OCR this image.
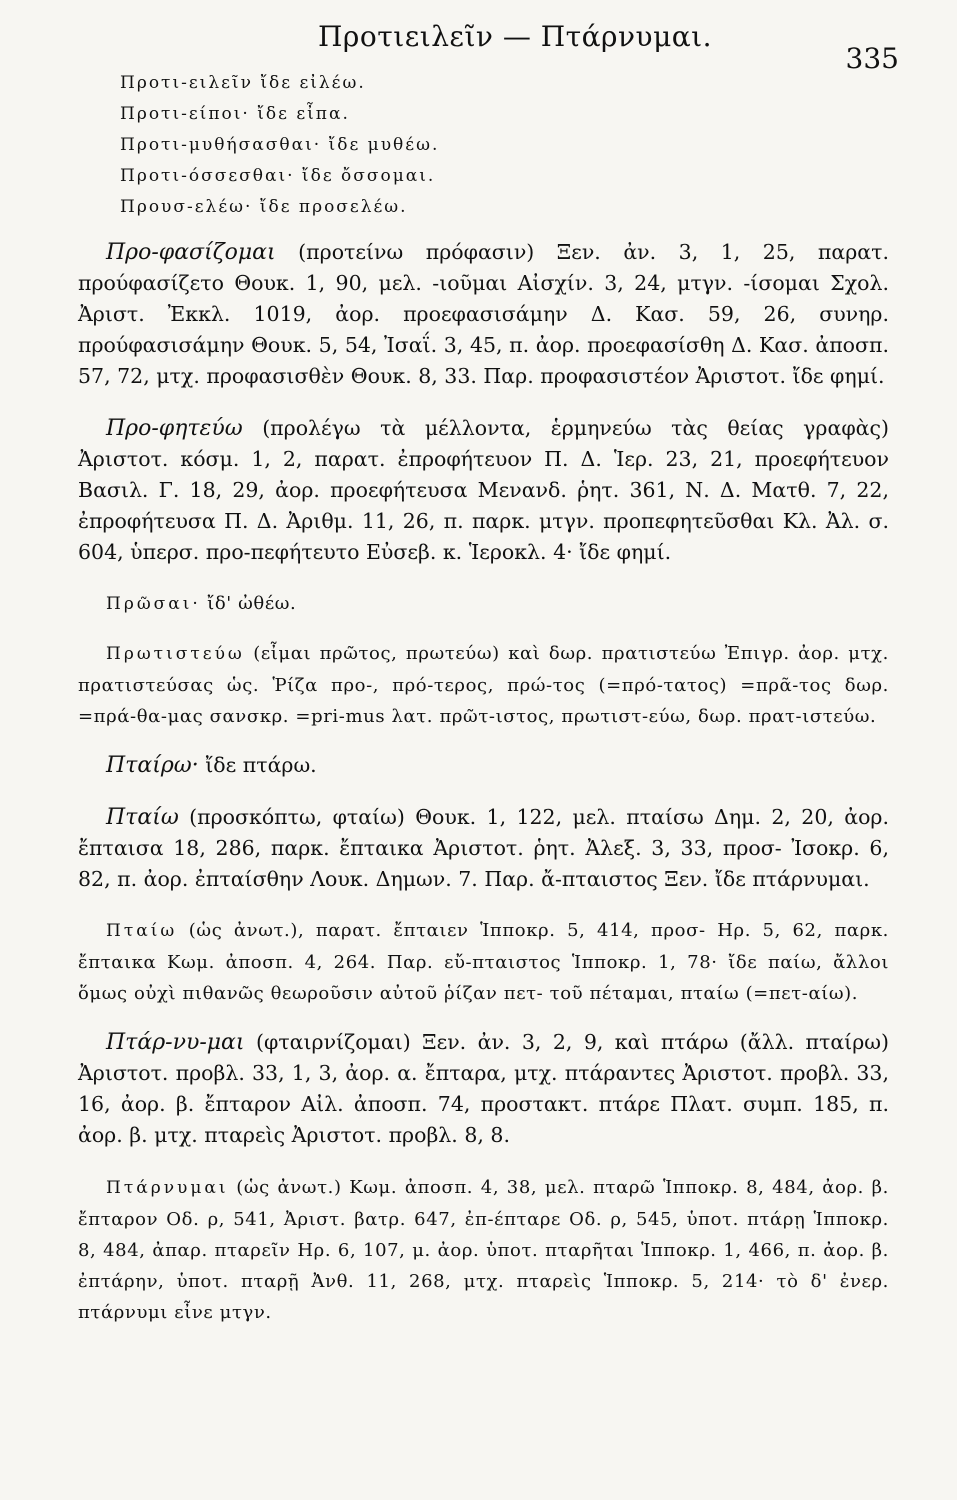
Προτιειλεῖν — Πτάρνυμαι.
335
Προτι-ειλεῖν ἴδε εἰλέω.
Προτι-είποι· ἴδε εἶπα.
Προτι-μυθήσασθαι· ἴδε μυθέω.
Προτι-όσσεσθαι· ἴδε ὄσσομαι.
Προυσ-ελέω· ἴδε προσελέω.

Προ-φασίζομαι (προτείνω πρόφασιν) Ξεν. ἀν. 3, 1, 25, παρατ. προύφασίζετο Θουκ. 1, 90, μελ. -ιοῦμαι Αἰσχίν. 3, 24, μτγν. -ίσομαι Σχολ. Ἀριστ. Ἐκκλ. 1019, ἀορ. προεφασισάμην Δ. Κασ. 59, 26, συνηρ. προύφασισάμην Θουκ. 5, 54, Ἰσαΐ. 3, 45, π. ἀορ. προεφασίσθη Δ. Κασ. ἀποσπ. 57, 72, μτχ. προφασισθὲν Θουκ. 8, 33. Παρ. προφασιστέον Ἀριστοτ. ἴδε φημί.

Προ-φητεύω (προλέγω τὰ μέλλοντα, ἑρμηνεύω τὰς θείας γραφὰς) Ἀριστοτ. κόσμ. 1, 2, παρατ. ἐπροφήτευον Π. Δ. Ἱερ. 23, 21, προεφήτευον Βασιλ. Γ. 18, 29, ἀορ. προεφήτευσα Μενανδ. ῥητ. 361, Ν. Δ. Ματθ. 7, 22, ἐπροφήτευσα Π. Δ. Ἀριθμ. 11, 26, π. παρκ. μτγν. προπεφητεῦσθαι Κλ. Ἀλ. σ. 604, ὑπερσ. προ-πεφήτευτο Εὐσεβ. κ. Ἱεροκλ. 4· ἴδε φημί.

Πρῶσαι· ἴδ' ὠθέω.

Πρωτιστεύω (εἶμαι πρῶτος, πρωτεύω) καὶ δωρ. πρατιστεύω Ἐπιγρ. ἀορ. μτχ. πρατιστεύσας ὡς. Ῥίζα προ-, πρό-τερος, πρώ-τος (=πρό-τατος) =πρᾶ-τος δωρ. =πρά-θα-μας σανσκρ. =pri-mus λατ. πρῶτ-ιστος, πρωτιστ-εύω, δωρ. πρατ-ιστεύω.

Πταίρω· ἴδε πτάρω.

Πταίω (προσκόπτω, φταίω) Θουκ. 1, 122, μελ. πταίσω Δημ. 2, 20, ἀορ. ἔπταισα 18, 286, παρκ. ἔπταικα Ἀριστοτ. ῥητ. Ἀλεξ. 3, 33, προσ- Ἰσοκρ. 6, 82, π. ἀορ. ἐπταίσθην Λουκ. Δημων. 7. Παρ. ἄ-πταιστος Ξεν. ἴδε πτάρνυμαι.

Πταίω (ὡς ἀνωτ.), παρατ. ἔπταιεν Ἱπποκρ. 5, 414, προσ- Ηρ. 5, 62, παρκ. ἔπταικα Κωμ. ἀποσπ. 4, 264. Παρ. εὔ-πταιστος Ἱπποκρ. 1, 78· ἴδε παίω, ἄλλοι ὅμως οὐχὶ πιθανῶς θεωροῦσιν αὐτοῦ ῥίζαν πετ- τοῦ πέταμαι, πταίω (=πετ-αίω).

Πτάρ-νυ-μαι (φταιρνίζομαι) Ξεν. ἀν. 3, 2, 9, καὶ πτάρω (ἄλλ. πταίρω) Ἀριστοτ. προβλ. 33, 1, 3, ἀορ. α. ἔπταρα, μτχ. πτάραντες Ἀριστοτ. προβλ. 33, 16, ἀορ. β. ἔπταρον Αἰλ. ἀποσπ. 74, προστακτ. πτάρε Πλατ. συμπ. 185, π. ἀορ. β. μτχ. πταρεὶς Ἀριστοτ. προβλ. 8, 8.

Πτάρνυμαι (ὡς ἀνωτ.) Κωμ. ἀποσπ. 4, 38, μελ. πταρῶ Ἱπποκρ. 8, 484, ἀορ. β. ἔπταρον Οδ. ρ, 541, Ἀριστ. βατρ. 647, ἐπ-έπταρε Οδ. ρ, 545, ὑποτ. πτάρῃ Ἱπποκρ. 8, 484, ἀπαρ. πταρεῖν Ηρ. 6, 107, μ. ἀορ. ὑποτ. πταρῆται Ἱπποκρ. 1, 466, π. ἀορ. β. ἐπτάρην, ὑποτ. πταρῇ Ἀνθ. 11, 268, μτχ. πταρεὶς Ἱπποκρ. 5, 214· τὸ δ' ἐνερ. πτάρνυμι εἶνε μτγν.
